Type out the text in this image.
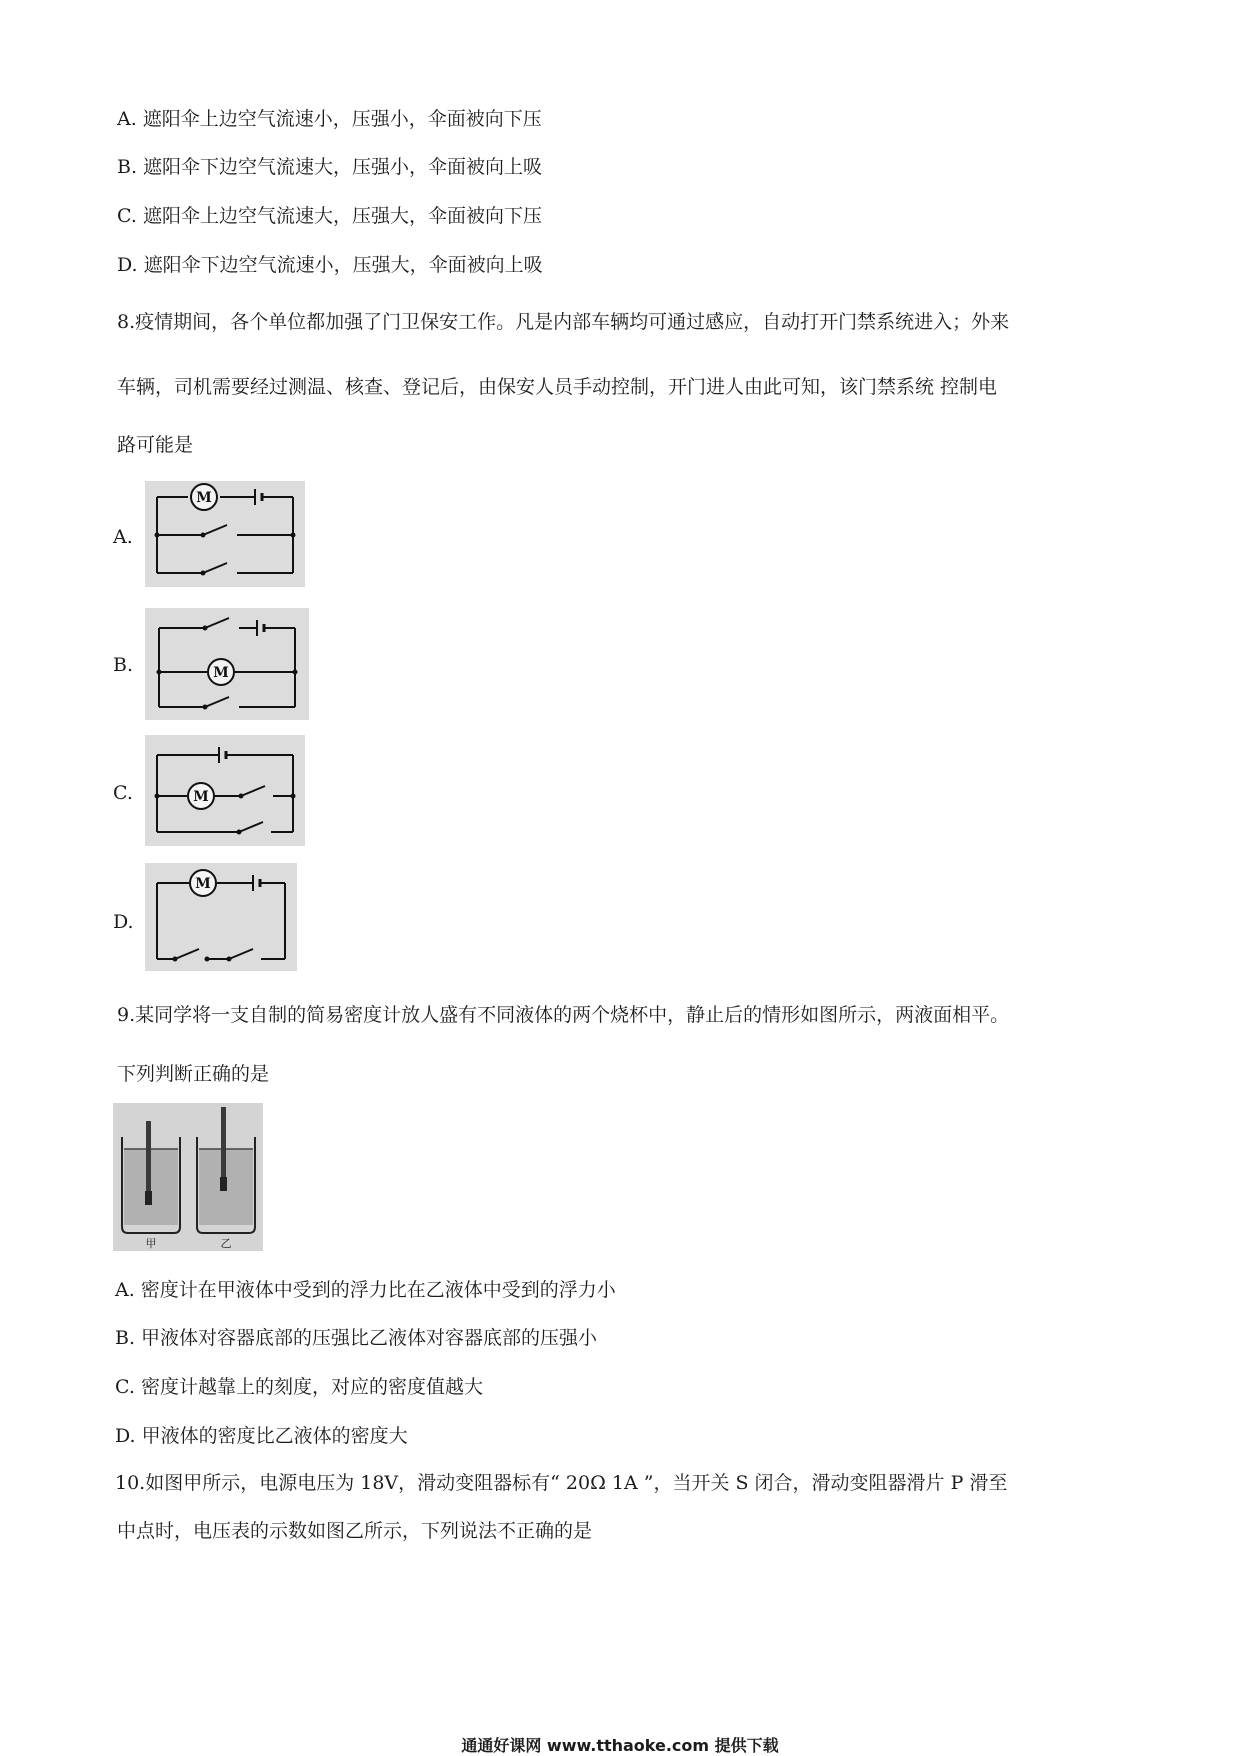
A. 遮阳伞上边空气流速小，压强小，伞面被向下压
B. 遮阳伞下边空气流速大，压强小，伞面被向上吸
C. 遮阳伞上边空气流速大，压强大，伞面被向下压
D. 遮阳伞下边空气流速小，压强大，伞面被向上吸
8.疫情期间，各个单位都加强了门卫保安工作。凡是内部车辆均可通过感应，自动打开门禁系统进入；外来
车辆，司机需要经过测温、核查、登记后，由保安人员手动控制，开门进人由此可知，该门禁系统 控制电
路可能是
A.
M
B.	M
C.	M
D.
M
9.某同学将一支自制的简易密度计放人盛有不同液体的两个烧杯中，静止后的情形如图所示，两液面相平。
下列判断正确的是
甲	乙
A. 密度计在甲液体中受到的浮力比在乙液体中受到的浮力小
B. 甲液体对容器底部的压强比乙液体对容器底部的压强小
C. 密度计越靠上的刻度，对应的密度值越大
D. 甲液体的密度比乙液体的密度大
10.如图甲所示，电源电压为 18V，滑动变阻器标有“ 20Ω 1A ”，当开关 S 闭合，滑动变阻器滑片 P 滑至
中点时，电压表的示数如图乙所示，下列说法不正确的是
通通好课网 www.tthaoke.com 提供下载
